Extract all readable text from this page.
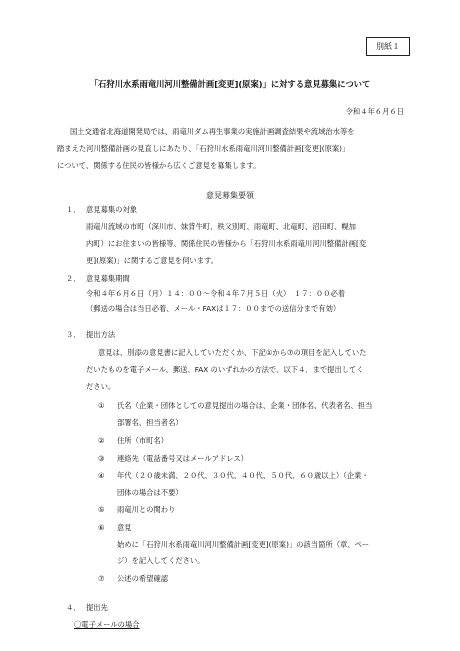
別紙１
「石狩川水系雨竜川河川整備計画[変更](原案)」に対する意見募集について
令和４年６月６日
国土交通省北海道開発局では、雨竜川ダム再生事業の実施計画調査結果や流域治水等を
踏まえた河川整備計画の見直しにあたり、「石狩川水系雨竜川河川整備計画[変更](原案)」
について、関係する住民の皆様から広くご意見を募集します。
意見募集要領
１． 意見募集の対象
雨竜川流域の市町（深川市、妹背牛町、秩父別町、雨竜町、北竜町、沼田町、幌加
内町）にお住まいの皆様等、関係住民の皆様から「石狩川水系雨竜川河川整備計画[変
更](原案)」に関するご意見を伺います。
２． 意見募集期間
令和４年６月６日（月）１４：００～令和４年７月５日（火）　１７：００必着
（郵送の場合は当日必着、メール・FAXは１７：００までの送信分まで有効）
３． 提出方法
意見は、別添の意見書に記入していただくか、下記①から⑦の項目を記入していた
だいたものを電子メール、郵送、FAX のいずれかの方法で、以下４．まで提出してく
ださい。
① 氏名（企業・団体としての意見提出の場合は、企業・団体名、代表者名、担当
部署名、担当者名）
② 住所（市町名）
③ 連絡先（電話番号又はメールアドレス）
④ 年代（２０歳未満、２０代、３０代、４０代、５０代、６０歳以上）（企業・
団体の場合は不要）
⑤ 雨竜川との関わり
⑥ 意見
始めに「石狩川水系雨竜川河川整備計画[変更](原案)」の該当箇所（章、ペー
ジ）を記入してください。
⑦ 公述の希望確認
４． 提出先
〇電子メールの場合
